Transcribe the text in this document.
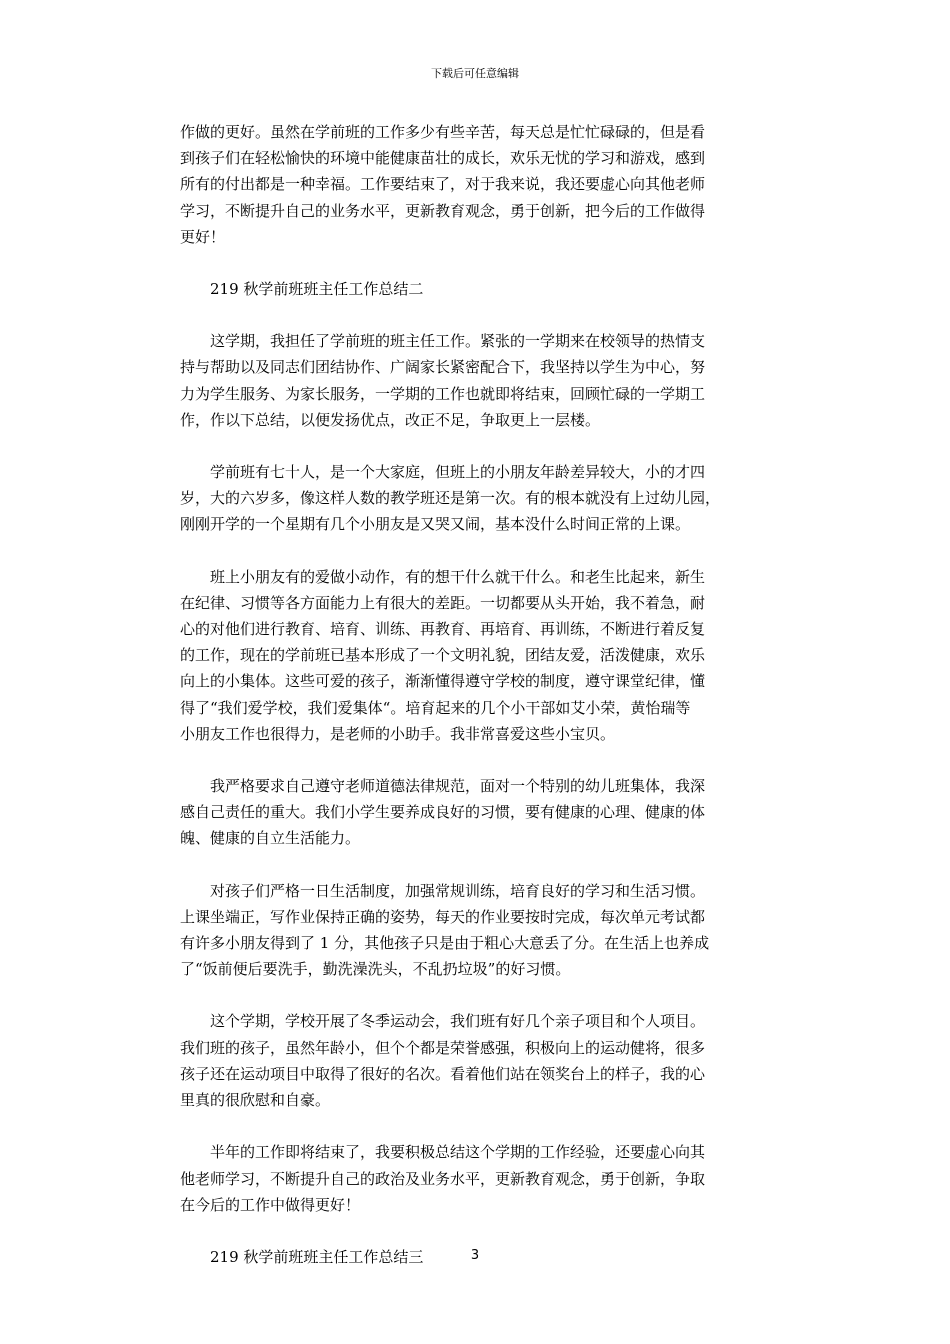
下载后可任意编辑

作做的更好。虽然在学前班的工作多少有些辛苦，每天总是忙忙碌碌的，但是看
到孩子们在轻松愉快的环境中能健康苗壮的成长，欢乐无忧的学习和游戏，感到
所有的付出都是一种幸福。工作要结束了，对于我来说，我还要虚心向其他老师
学习，不断提升自己的业务水平，更新教育观念，勇于创新，把今后的工作做得
更好！

　　219 秋学前班班主任工作总结二

　　这学期，我担任了学前班的班主任工作。紧张的一学期来在校领导的热情支
持与帮助以及同志们团结协作、广阔家长紧密配合下，我坚持以学生为中心，努
力为学生服务、为家长服务，一学期的工作也就即将结束，回顾忙碌的一学期工
作，作以下总结，以便发扬优点，改正不足，争取更上一层楼。

　　学前班有七十人，是一个大家庭，但班上的小朋友年龄差异较大，小的才四
岁，大的六岁多，像这样人数的教学班还是第一次。有的根本就没有上过幼儿园，
刚刚开学的一个星期有几个小朋友是又哭又闹，基本没什么时间正常的上课。

　　班上小朋友有的爱做小动作，有的想干什么就干什么。和老生比起来，新生
在纪律、习惯等各方面能力上有很大的差距。一切都要从头开始，我不着急，耐
心的对他们进行教育、培育、训练、再教育、再培育、再训练，不断进行着反复
的工作，现在的学前班已基本形成了一个文明礼貌，团结友爱，活泼健康，欢乐
向上的小集体。这些可爱的孩子，渐渐懂得遵守学校的制度，遵守课堂纪律，懂
得了“我们爱学校，我们爱集体“。培育起来的几个小干部如艾小荣，黄怡瑞等
小朋友工作也很得力，是老师的小助手。我非常喜爱这些小宝贝。

　　我严格要求自己遵守老师道德法律规范，面对一个特别的幼儿班集体，我深
感自己责任的重大。我们小学生要养成良好的习惯，要有健康的心理、健康的体
魄、健康的自立生活能力。

　　对孩子们严格一日生活制度，加强常规训练，培育良好的学习和生活习惯。
上课坐端正，写作业保持正确的姿势，每天的作业要按时完成，每次单元考试都
有许多小朋友得到了 1 分，其他孩子只是由于粗心大意丢了分。在生活上也养成
了“饭前便后要洗手，勤洗澡洗头，不乱扔垃圾”的好习惯。

　　这个学期，学校开展了冬季运动会，我们班有好几个亲子项目和个人项目。
我们班的孩子，虽然年龄小，但个个都是荣誉感强，积极向上的运动健将，很多
孩子还在运动项目中取得了很好的名次。看着他们站在领奖台上的样子，我的心
里真的很欣慰和自豪。

　　半年的工作即将结束了，我要积极总结这个学期的工作经验，还要虚心向其
他老师学习，不断提升自己的政治及业务水平，更新教育观念，勇于创新，争取
在今后的工作中做得更好！

　　219 秋学前班班主任工作总结三	3
